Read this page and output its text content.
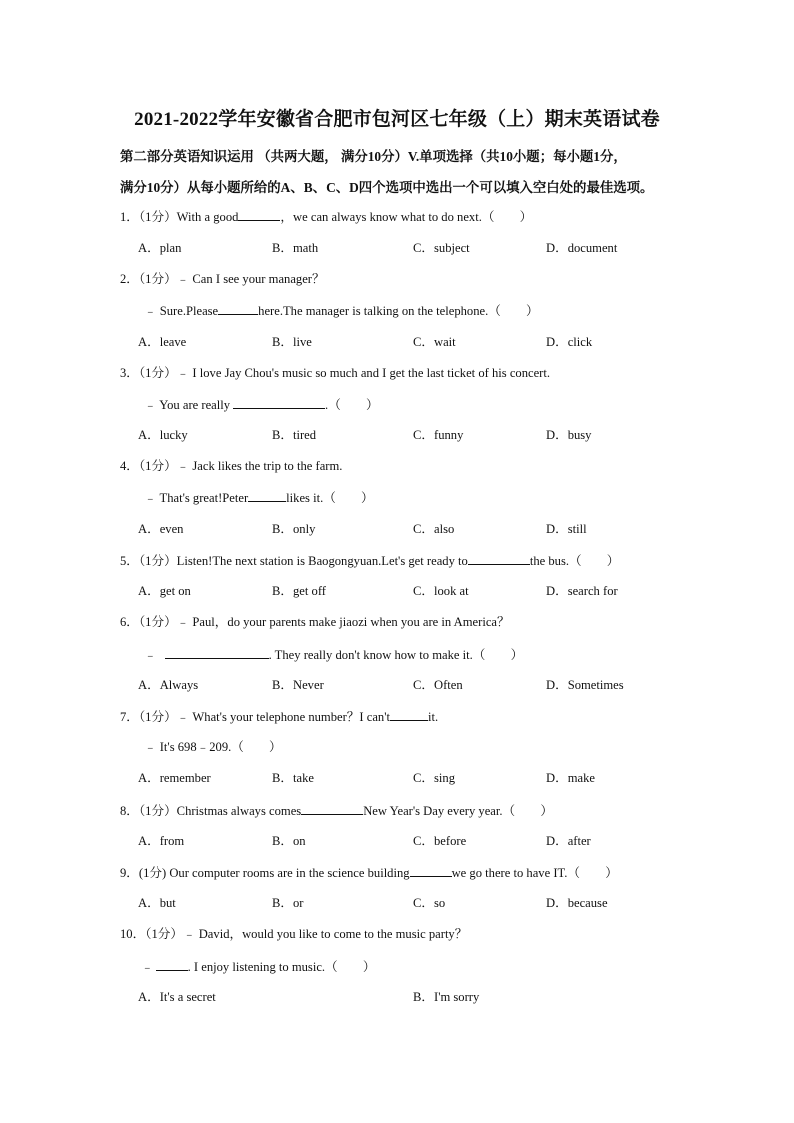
2021-2022学年安徽省合肥市包河区七年级（上）期末英语试卷
第二部分英语知识运用 （共两大题， 满分10分）V.单项选择（共10小题；每小题1分，
满分10分）从每小题所给的A、B、C、D四个选项中选出一个可以填入空白处的最佳选项。
1．（1分）With a good	，we can always know what to do next.（　　）
A．plan	B．math	C．subject	D．document
2．（1分）﹣ Can I see your manager？
﹣ Sure.Please	here.The manager is talking on the telephone.（　　）
A．leave	B．live	C．wait	D．click
3．（1分）﹣ I love Jay Chou's music so much and I get the last ticket of his concert.
﹣ You are really	.（　　）
A．lucky	B．tired	C．funny	D．busy
4．（1分）﹣ Jack likes the trip to the farm.
﹣ That's great!Peter	likes it.（　　）
A．even	B．only	C．also	D．still
5．（1分）Listen!The next station is Baogongyuan.Let's get ready to	the bus.（　　）
A．get on	B．get off	C．look at	D．search for
6．（1分）﹣ Paul，do your parents make jiaozi when you are in America？
﹣	. They really don't know how to make it.（　　）
A．Always	B．Never	C．Often	D．Sometimes
7．（1分）﹣ What's your telephone number？I can't	it.
﹣ It's 698﹣209.（　　）
A．remember	B．take	C．sing	D．make
8．（1分）Christmas always comes	New Year's Day every year.（　　）
A．from	B．on	C．before	D．after
9．(1分) Our computer rooms are in the science building	we go there to have IT.（　　）
A．but	B．or	C．so	D．because
10．（1分）﹣ David，would you like to come to the music party？
﹣	. I enjoy listening to music.（　　）
A．It's a secret	B．I'm sorry
